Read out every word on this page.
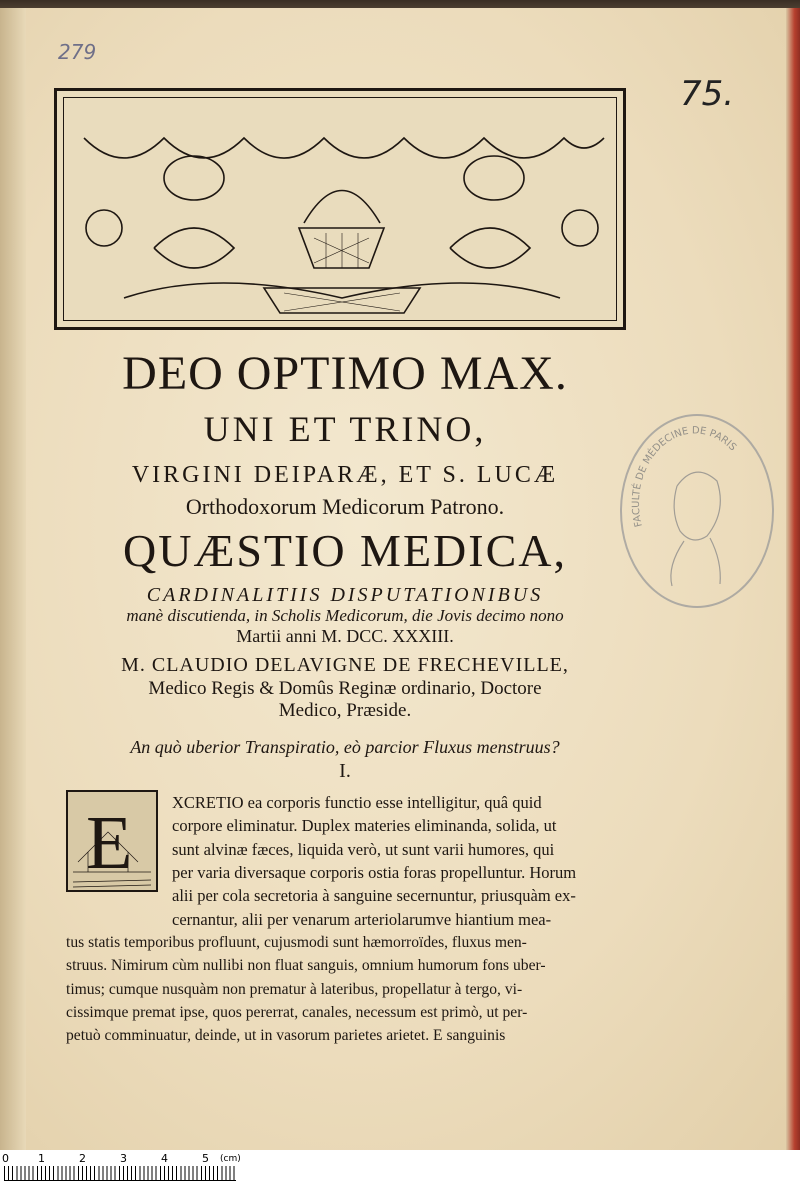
279
75.
DEO OPTIMO MAX.
UNI ET TRINO,
VIRGINI DEIPARÆ, ET S. LUCÆ
Orthodoxorum Medicorum Patrono.
QUÆSTIO MEDICA,
CARDINALITIIS DISPUTATIONIBUS
manè discutienda, in Scholis Medicorum, die Jovis decimo nono
Martii anni M. DCC. XXXIII.
M. CLAUDIO DELAVIGNE DE FRECHEVILLE,
Medico Regis & Domûs Reginæ ordinario, Doctore
Medico, Præside.
An quò uberior Transpiratio, eò parcior Fluxus menstruus?
I.
E XCRETIO ea corporis functio esse intelligitur, quâ quid
corpore eliminatur. Duplex materies eliminanda, solida, ut
sunt alvinæ fæces, liquida verò, ut sunt varii humores, qui
per varia diversaque corporis ostia foras propelluntur. Horum
alii per cola secretoria à sanguine secernuntur, priusquàm ex-
cernantur, alii per venarum arteriolarumve hiantium mea-
tus statis temporibus profluunt, cujusmodi sunt hæmorroïdes, fluxus men-
struus. Nimirum cùm nullibi non fluat sanguis, omnium humorum fons uber-
timus; cumque nusquàm non prematur à lateribus, propellatur à tergo, vi-
cissimque premat ipse, quos pererrat, canales, necessum est primò, ut per-
petuò comminuatur, deinde, ut in vasorum parietes arietet. E sanguinis
FACULTÉ DE MÉDECINE DE PARIS
0	1	2	3	4	5 (cm)
